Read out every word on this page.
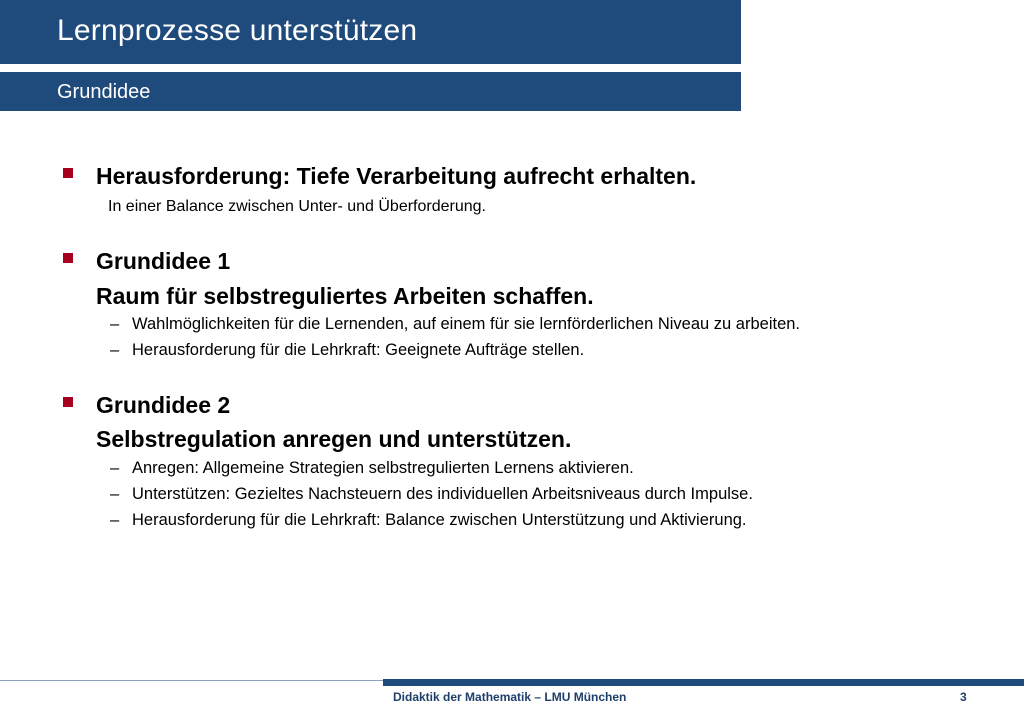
Lernprozesse unterstützen
Grundidee
Herausforderung: Tiefe Verarbeitung aufrecht erhalten.
In einer Balance zwischen Unter- und Überforderung.
Grundidee 1
Raum für selbstreguliertes Arbeiten schaffen.
– Wahlmöglichkeiten für die Lernenden, auf einem für sie lernförderlichen Niveau zu arbeiten.
– Herausforderung für die Lehrkraft: Geeignete Aufträge stellen.
Grundidee 2
Selbstregulation anregen und unterstützen.
– Anregen: Allgemeine Strategien selbstregulierten Lernens aktivieren.
– Unterstützen: Gezieltes Nachsteuern des individuellen Arbeitsniveaus durch Impulse.
– Herausforderung für die Lehrkraft: Balance zwischen Unterstützung und Aktivierung.
Didaktik der Mathematik – LMU München	3
